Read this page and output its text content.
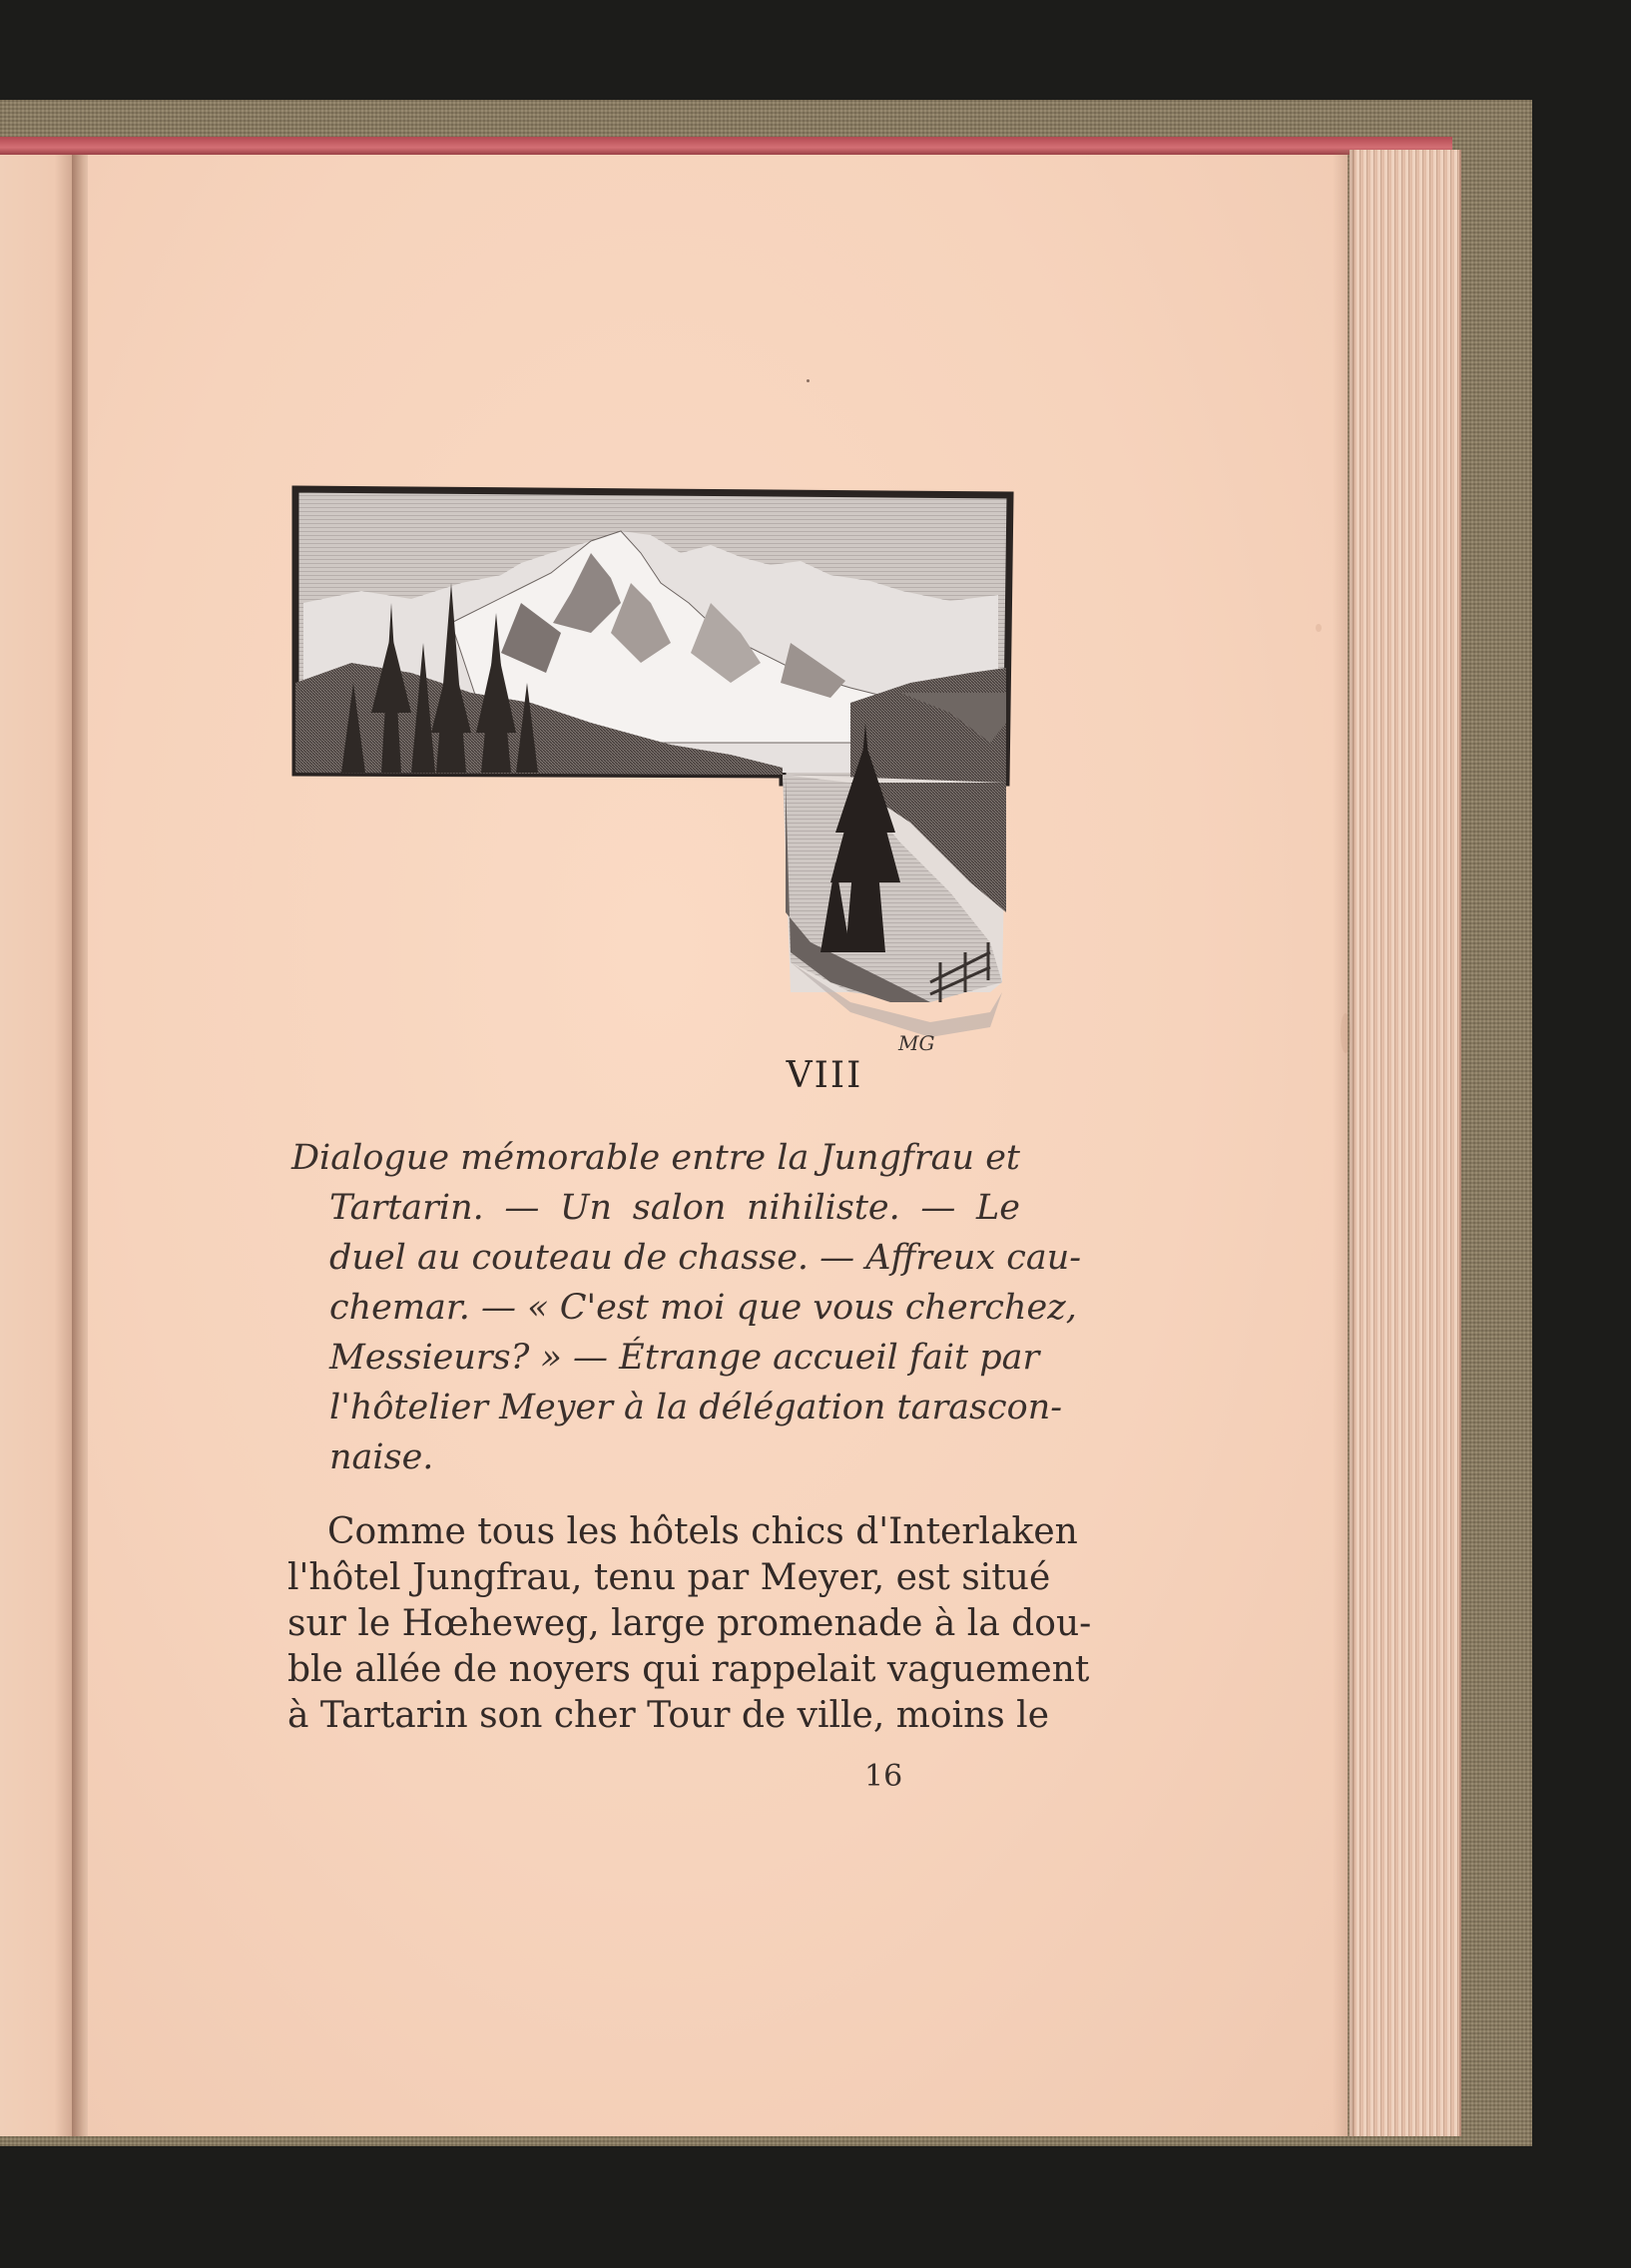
MG
VIII

Dialogue mémorable entre la Jungfrau et
Tartarin. — Un salon nihiliste. — Le
duel au couteau de chasse. — Affreux cau-
chemar. — « C'est moi que vous cherchez,
Messieurs? » — Étrange accueil fait par
l'hôtelier Meyer à la délégation tarascon-
naise.

Comme tous les hôtels chics d'Interlaken
l'hôtel Jungfrau, tenu par Meyer, est situé
sur le Hœheweg, large promenade à la dou-
ble allée de noyers qui rappelait vaguement
à Tartarin son cher Tour de ville, moins le

16
